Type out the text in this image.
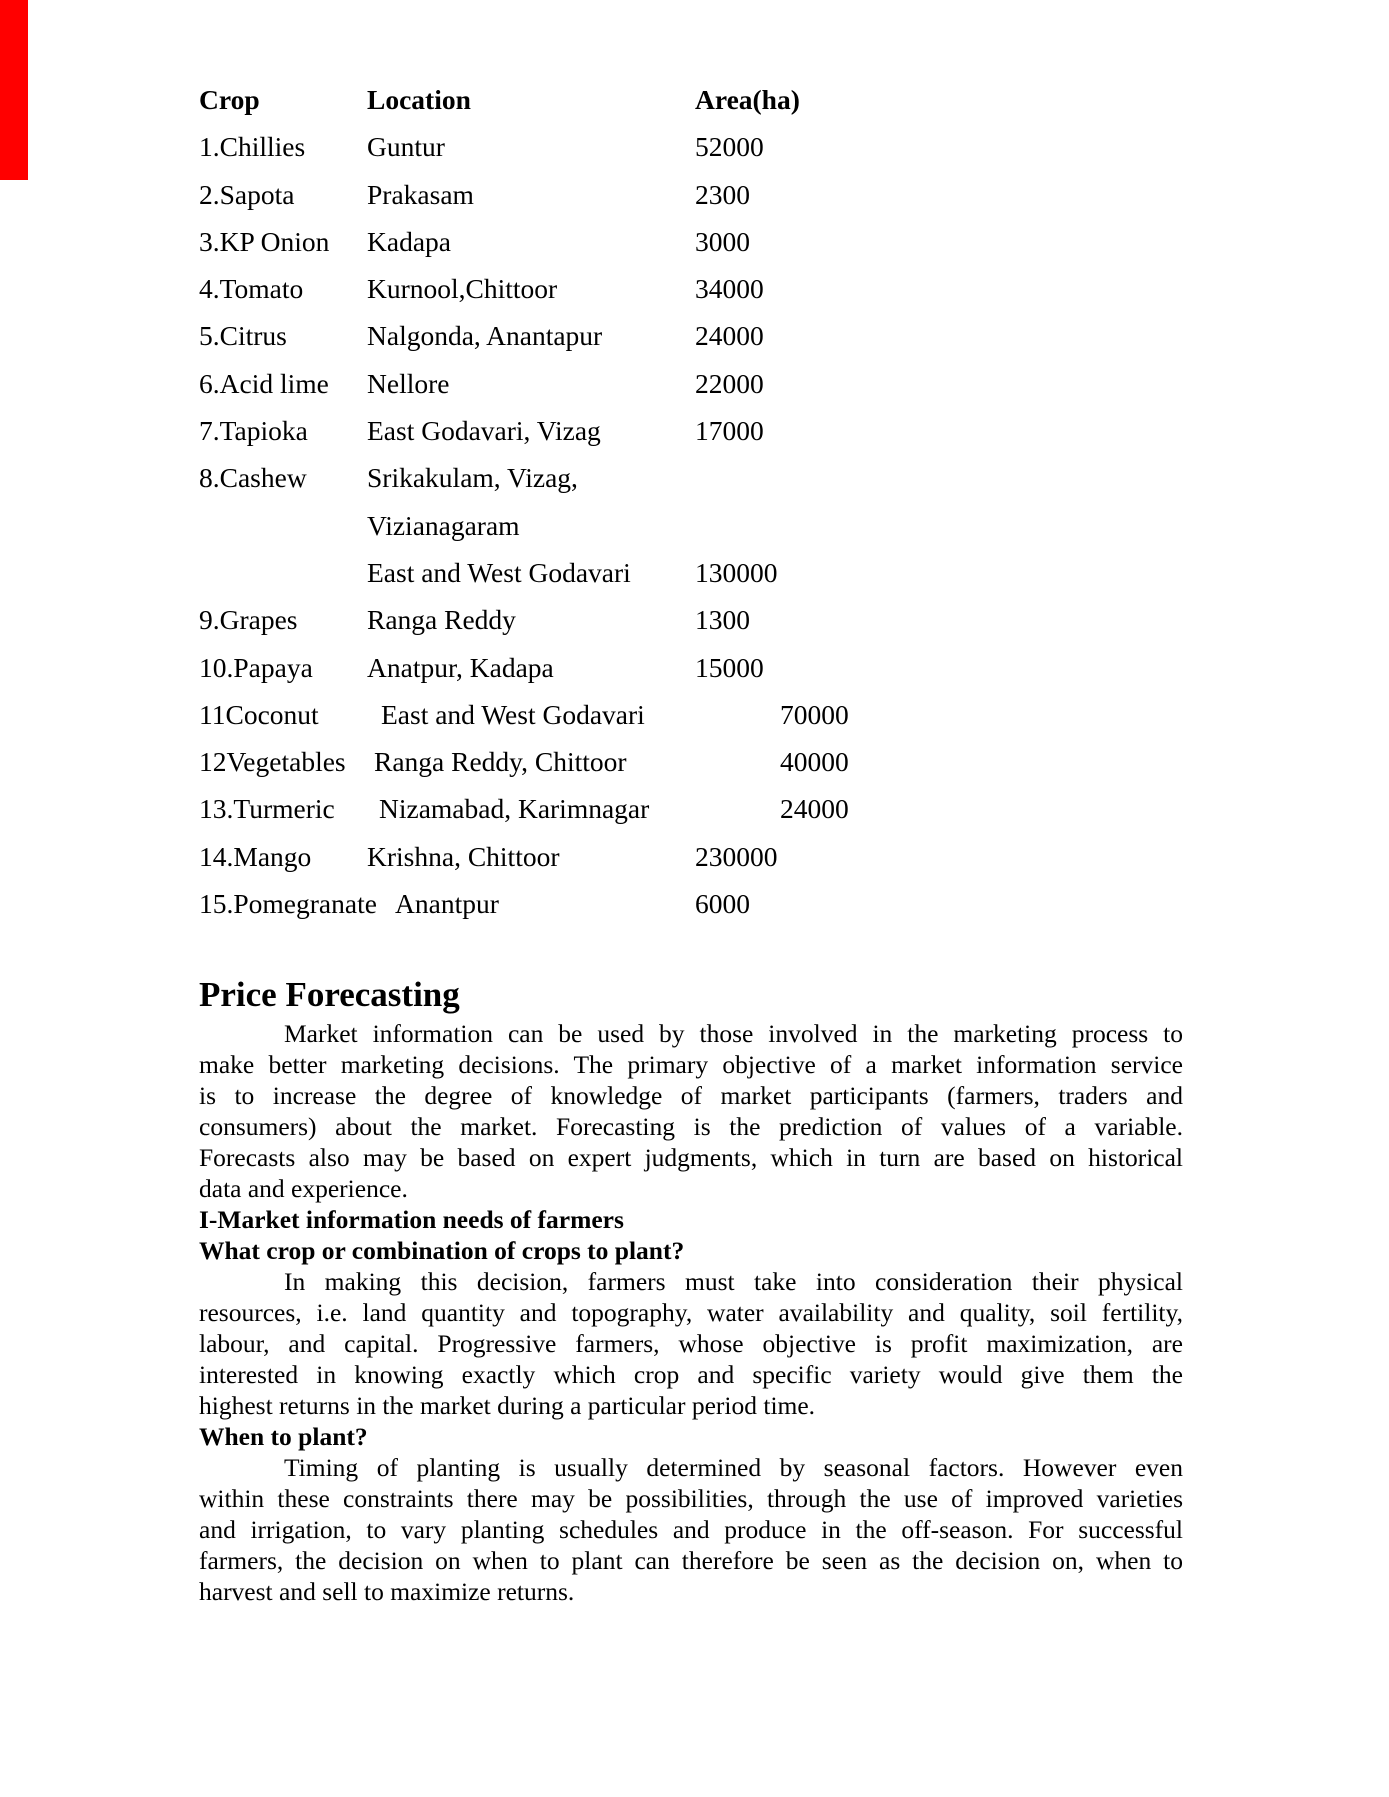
Crop	Location	Area(ha)
1.Chillies Guntur	52000
2.Sapota	Prakasam	2300
3.KP Onion Kadapa	3000
4.Tomato Kurnool,Chittoor	34000
5.Citrus	Nalgonda, Anantapur	24000
6.Acid lime Nellore	22000
7.Tapioka East Godavari, Vizag	17000
8.Cashew Srikakulam, Vizag,
Vizianagaram
East and West Godavari 130000
9.Grapes	Ranga Reddy	1300
10.Papaya Anatpur, Kadapa	15000
11Coconut East and West Godavari	70000
12Vegetables Ranga Reddy, Chittoor	40000
13.Turmeric Nizamabad, Karimnagar	24000
14.Mango Krishna, Chittoor	230000
15.Pomegranate Anantpur	6000
Price Forecasting
Market information can be used by those involved in the marketing process to
make better marketing decisions. The primary objective of a market information service
is to increase the degree of knowledge of market participants (farmers, traders and
consumers) about the market. Forecasting is the prediction of values of a variable.
Forecasts also may be based on expert judgments, which in turn are based on historical
data and experience.
I-Market information needs of farmers
What crop or combination of crops to plant?
In making this decision, farmers must take into consideration their physical
resources, i.e. land quantity and topography, water availability and quality, soil fertility,
labour, and capital. Progressive farmers, whose objective is profit maximization, are
interested in knowing exactly which crop and specific variety would give them the
highest returns in the market during a particular period time.
When to plant?
Timing of planting is usually determined by seasonal factors. However even
within these constraints there may be possibilities, through the use of improved varieties
and irrigation, to vary planting schedules and produce in the off-season. For successful
farmers, the decision on when to plant can therefore be seen as the decision on, when to
harvest and sell to maximize returns.
